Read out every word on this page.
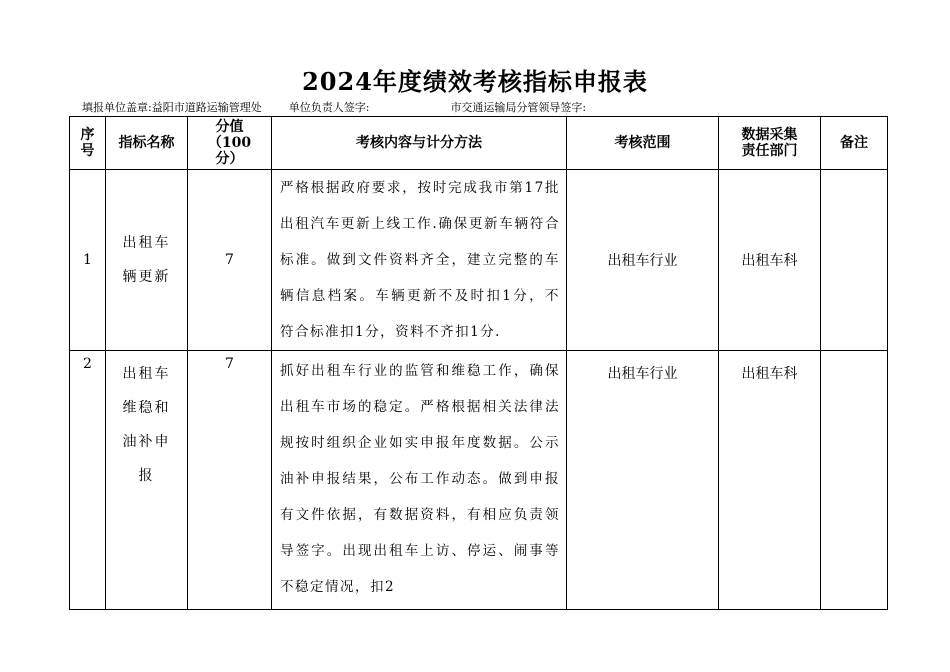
2024年度绩效考核指标申报表
填报单位盖章:益阳市道路运输管理处 单位负责人签字:	市交通运输局分管领导签字:
序号	指标名称	分值（100分）	考核内容与计分方法	考核范围	数据采集责任部门	备注
1	出租车辆更新	7	严格根据政府要求，按时完成我市第17批出租汽车更新上线工作.确保更新车辆符合标准。做到文件资料齐全，建立完整的车辆信息档案。车辆更新不及时扣1分，不符合标准扣1分，资料不齐扣1分.	出租车行业	出租车科	
2	出租车维稳和油补申报	7	抓好出租车行业的监管和维稳工作，确保出租车市场的稳定。严格根据相关法律法规按时组织企业如实申报年度数据。公示油补申报结果，公布工作动态。做到申报有文件依据，有数据资料，有相应负责领导签字。出现出租车上访、停运、闹事等不稳定情况，扣2	出租车行业	出租车科	
